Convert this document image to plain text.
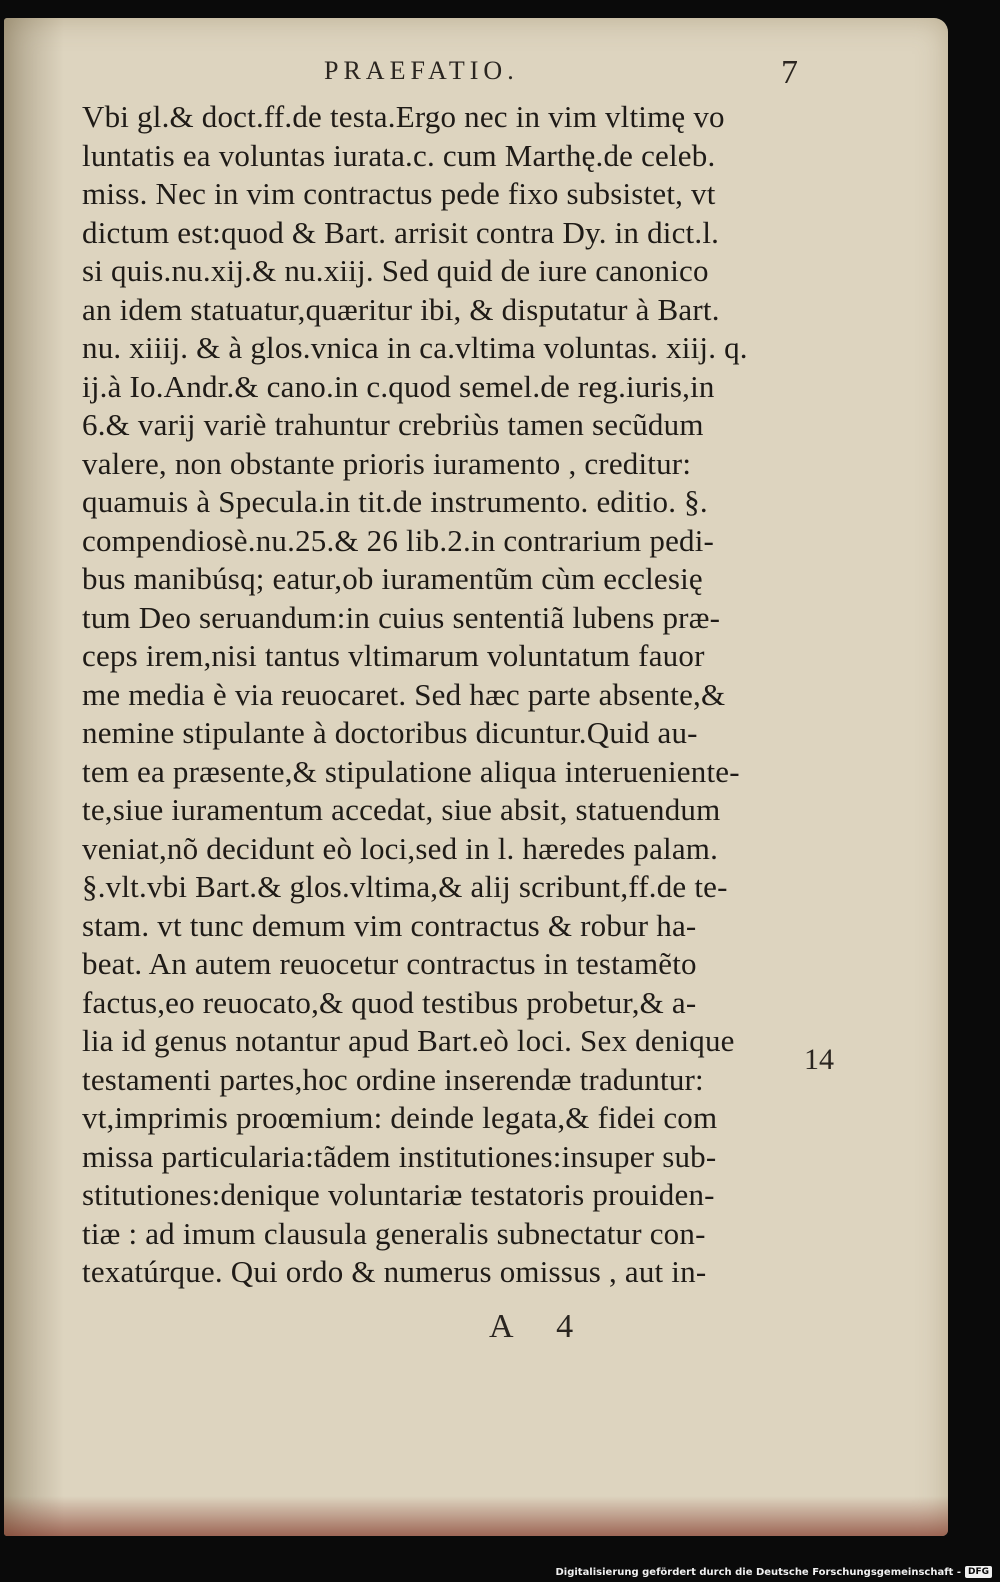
PRAEFATIO.	7
Vbi gl.& doct.ff.de testa.Ergo nec in vim vltimę vo
luntatis ea voluntas iurata.c. cum Marthę.de celeb.
miss. Nec in vim contractus pede fixo subsistet, vt
dictum est:quod & Bart. arrisit contra Dy. in dict.l.
si quis.nu.xij.& nu.xiij. Sed quid de iure canonico
an idem statuatur,quæritur ibi, & disputatur à Bart.
nu. xiiij. & à glos.vnica in ca.vltima voluntas. xiij. q.
ij.à Io.Andr.& cano.in c.quod semel.de reg.iuris,in
6.& varij variè trahuntur crebriùs tamen secũdum
valere, non obstante prioris iuramento , creditur:
quamuis à Specula.in tit.de instrumento. editio. §.
compendiosè.nu.25.& 26 lib.2.in contrarium pedi-
bus manibúsq; eatur,ob iuramentũm cùm ecclesię
tum Deo seruandum:in cuius sententiã lubens præ-
ceps irem,nisi tantus vltimarum voluntatum fauor
me media è via reuocaret. Sed hæc parte absente,&
nemine stipulante à doctoribus dicuntur.Quid au-
tem ea præsente,& stipulatione aliqua interueniente-
te,siue iuramentum accedat, siue absit, statuendum
veniat,nõ decidunt eò loci,sed in l. hæredes palam.
§.vlt.vbi Bart.& glos.vltima,& alij scribunt,ff.de te-
stam. vt tunc demum vim contractus & robur ha-
beat. An autem reuocetur contractus in testamẽto
factus,eo reuocato,& quod testibus probetur,& a-
lia id genus notantur apud Bart.eò loci. Sex denique
testamenti partes,hoc ordine inserendæ traduntur:
vt,imprimis proœmium: deinde legata,& fidei com
missa particularia:tãdem institutiones:insuper sub-
stitutiones:denique voluntariæ testatoris prouiden-
tiæ : ad imum clausula generalis subnectatur con-
texatúrque. Qui ordo & numerus omissus , aut in-
14
A 4
Digitalisierung gefördert durch die Deutsche Forschungsgemeinschaft - DFG
